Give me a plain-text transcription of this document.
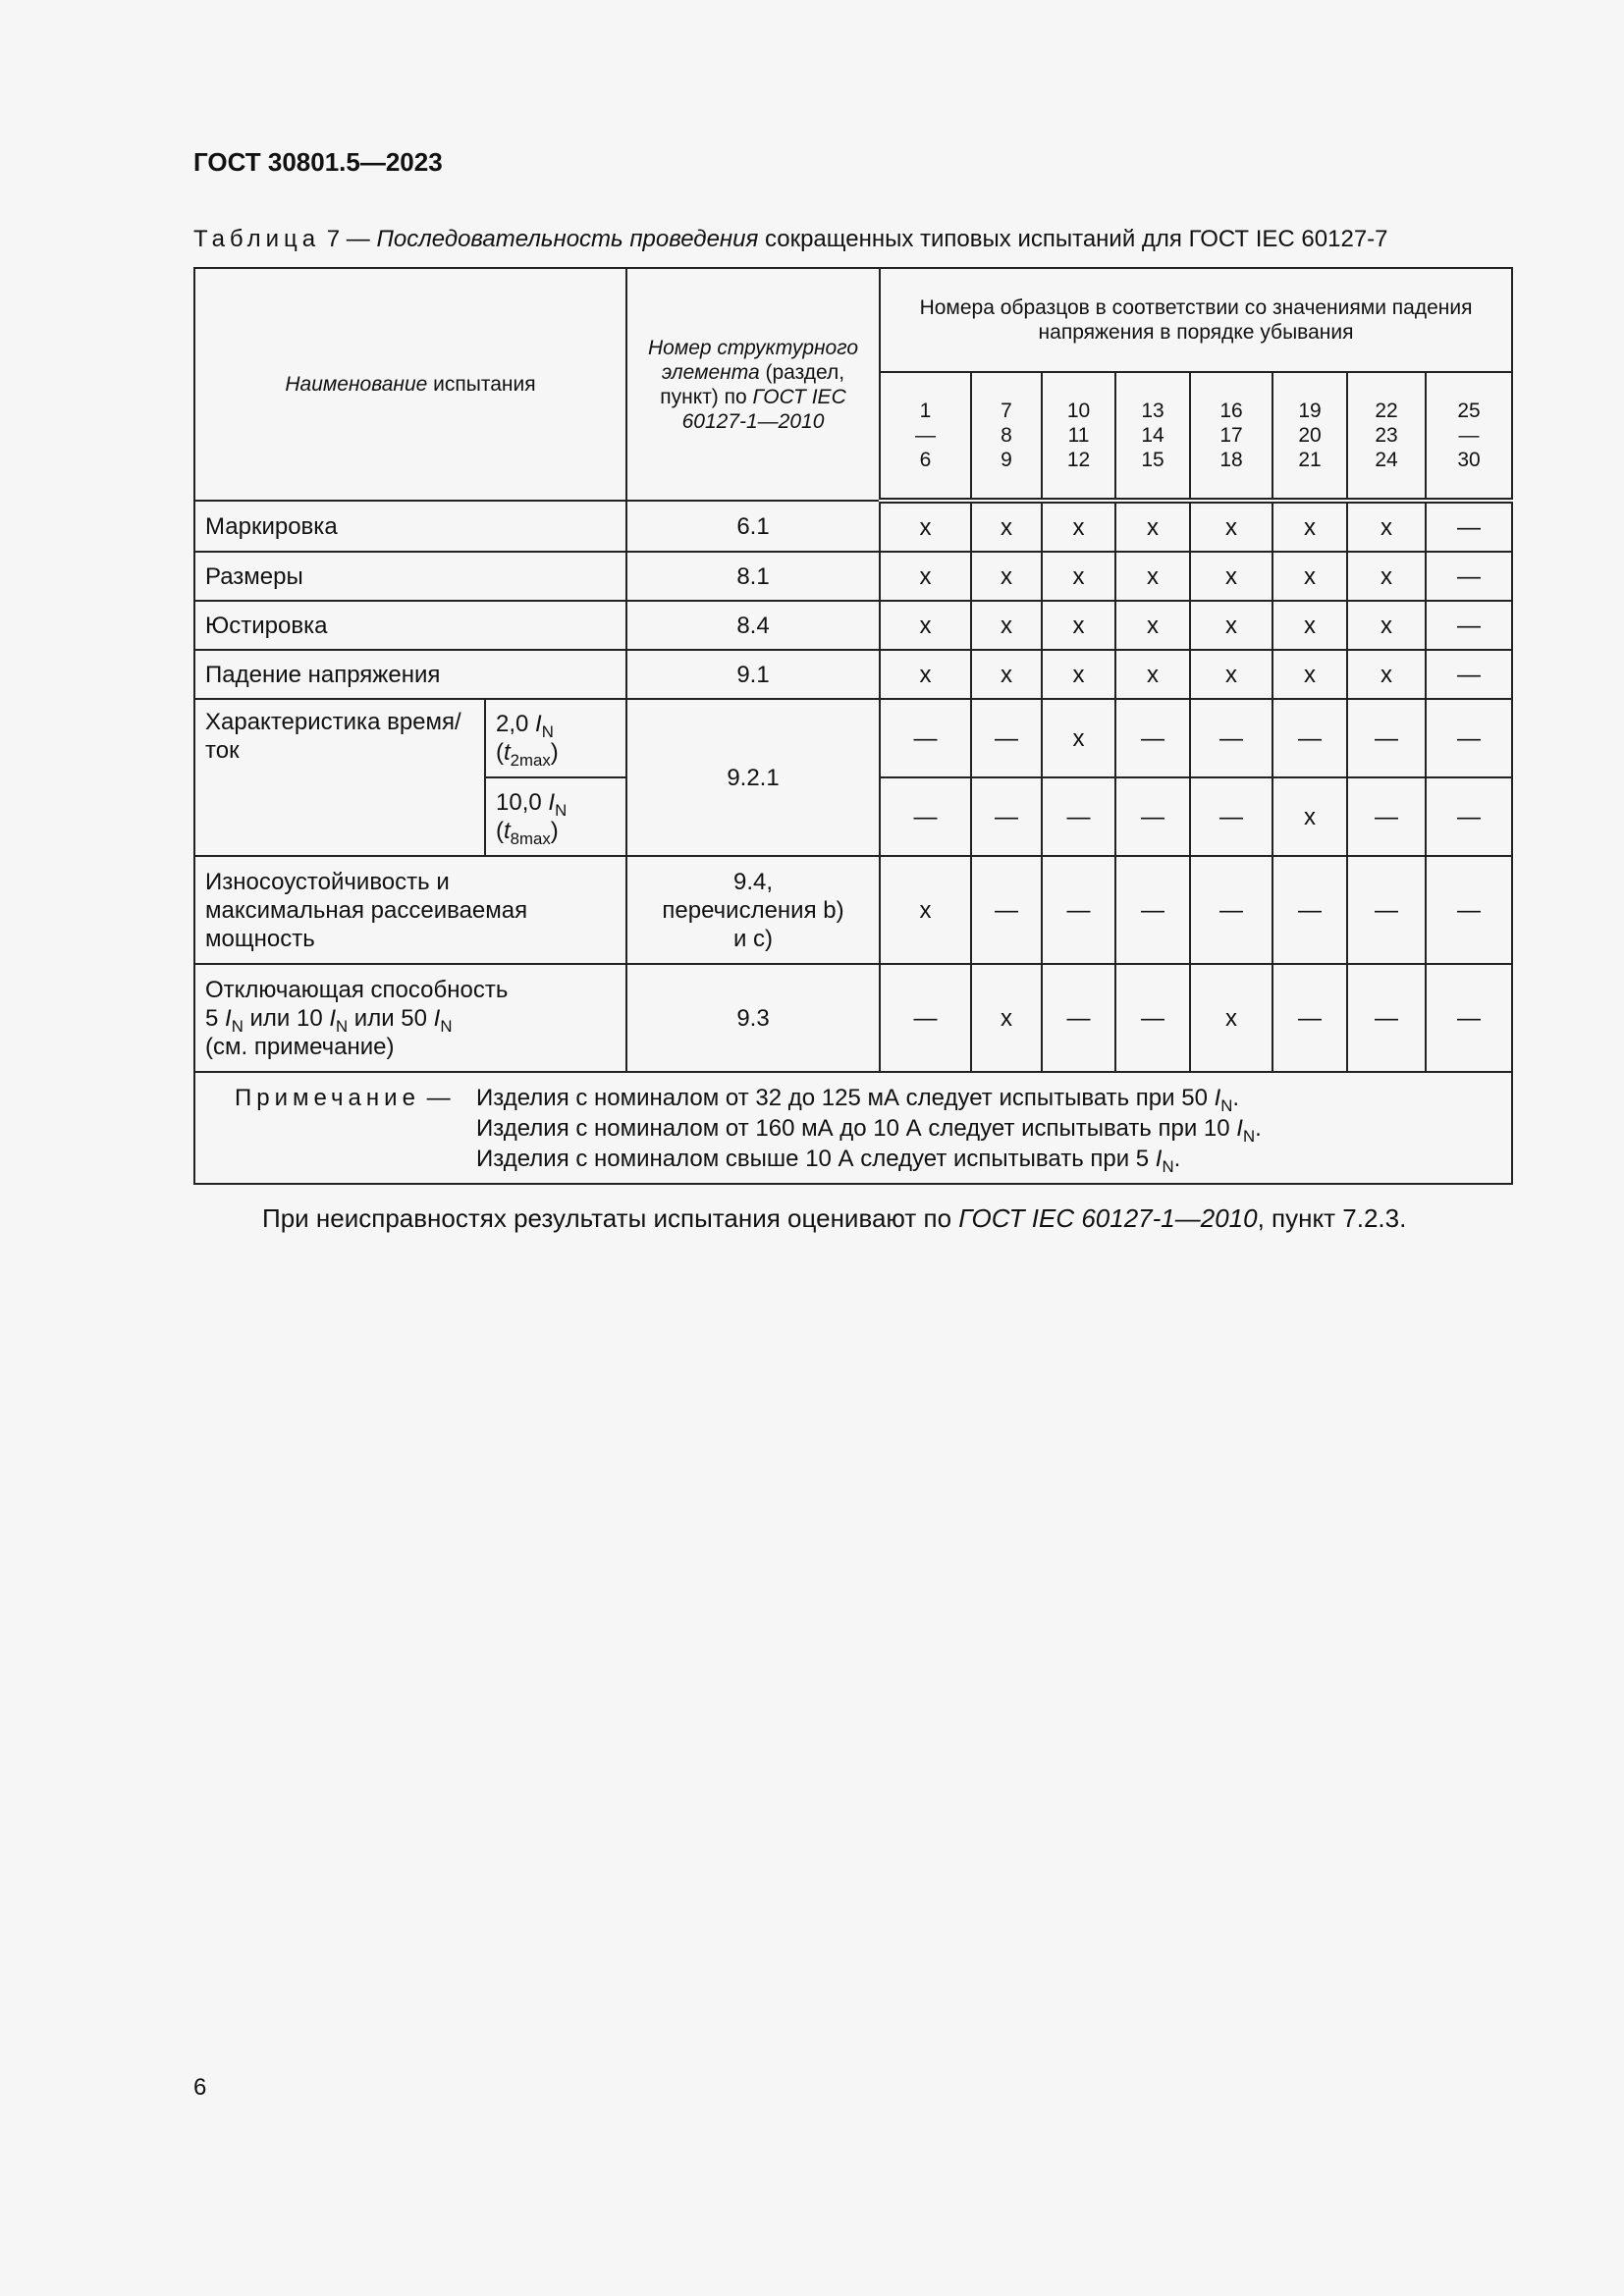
ГОСТ 30801.5—2023
Таблица 7 — Последовательность проведения сокращенных типовых испытаний для ГОСТ IEC 60127-7
Наименование испытания		Номер структурного элемента (раздел, пункт) по ГОСТ IEC 60127-1—2010	Номера образцов в соответствии со значениями падения напряжения в порядке убывания							
			1
—
6	7
8
9	10
11
12	13
14
15	16
17
18	19
20
21	22
23
24	25
—
30
Маркировка		6.1	x	x	x	x	x	x	x	—
Размеры		8.1	x	x	x	x	x	x	x	—
Юстировка		8.4	x	x	x	x	x	x	x	—
Падение напряжения		9.1	x	x	x	x	x	x	x	—
Характеристика время/ток	2,0 $I_N$
$(t_{2max})$	9.2.1	—	—	x	—	—	—	—	—
	10,0 $I_N$
$(t_{8max})$		—	—	—	—	—	x	—	—
Износоустойчивость и
максимальная рассеиваемая
мощность		9.4,
перечисления b)
и c)	x	—	—	—	—	—	—	—
Отключающая способность
5 $I_N$ или 10 $I_N$ или 50 $I_N$
(см. примечание)		9.3	—	x	—	—	x	—	—	—

Примечание — Изделия с номиналом от 32 до 125 мА следует испытывать при 50 $I_N$.
Изделия с номиналом от 160 мА до 10 А следует испытывать при 10 $I_N$.
Изделия с номиналом свыше 10 А следует испытывать при 5 $I_N$.										
При неисправностях результаты испытания оценивают по ГОСТ IEC 60127-1—2010, пункт 7.2.3.
6
